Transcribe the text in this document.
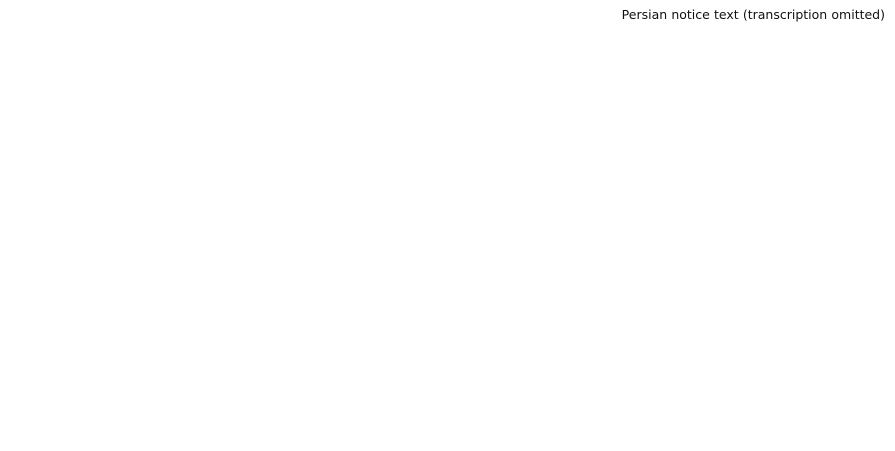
Persian notice text (transcription omitted)
